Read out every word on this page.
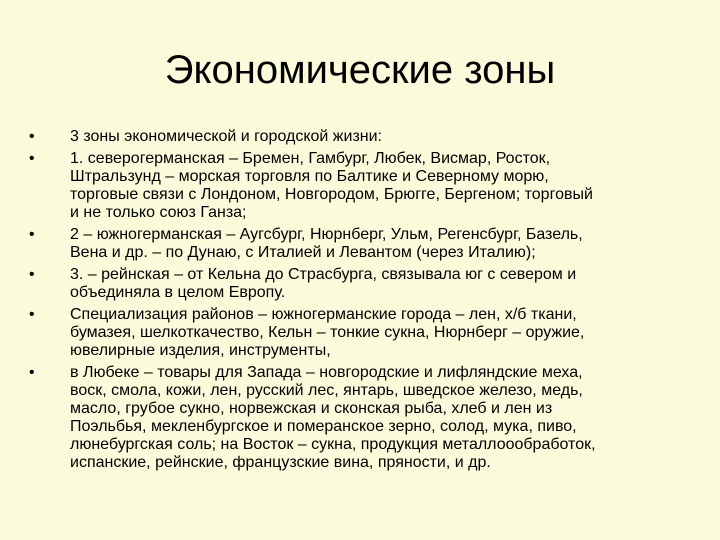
Экономические зоны
•	3 зоны экономической и городской жизни:
•	1. северогерманская – Бремен, Гамбург, Любек, Висмар, Росток,
Штральзунд – морская торговля по Балтике и Северному морю,
торговые связи с Лондоном, Новгородом, Брюгге, Бергеном; торговый
и не только союз Ганза;
•	2 – южногерманская – Аугсбург, Нюрнберг, Ульм, Регенсбург, Базель,
Вена и др. – по Дунаю, с Италией и Левантом (через Италию);
•	3. – рейнская – от Кельна до Страсбурга, связывала юг с севером и
объединяла в целом Европу.
•	Специализация районов – южногерманские города – лен, х/б ткани,
бумазея, шелкоткачество, Кельн – тонкие сукна, Нюрнберг – оружие,
ювелирные изделия, инструменты,
•	в Любеке – товары для Запада – новгородские и лифляндские меха,
воск, смола, кожи, лен, русский лес, янтарь, шведское железо, медь,
масло, грубое сукно, норвежская и сконская рыба, хлеб и лен из
Поэльбья, мекленбургское и померанское зерно, солод, мука, пиво,
люнебургская соль; на Восток – сукна, продукция металлоообработок,
испанские, рейнские, французские вина, пряности, и др.
